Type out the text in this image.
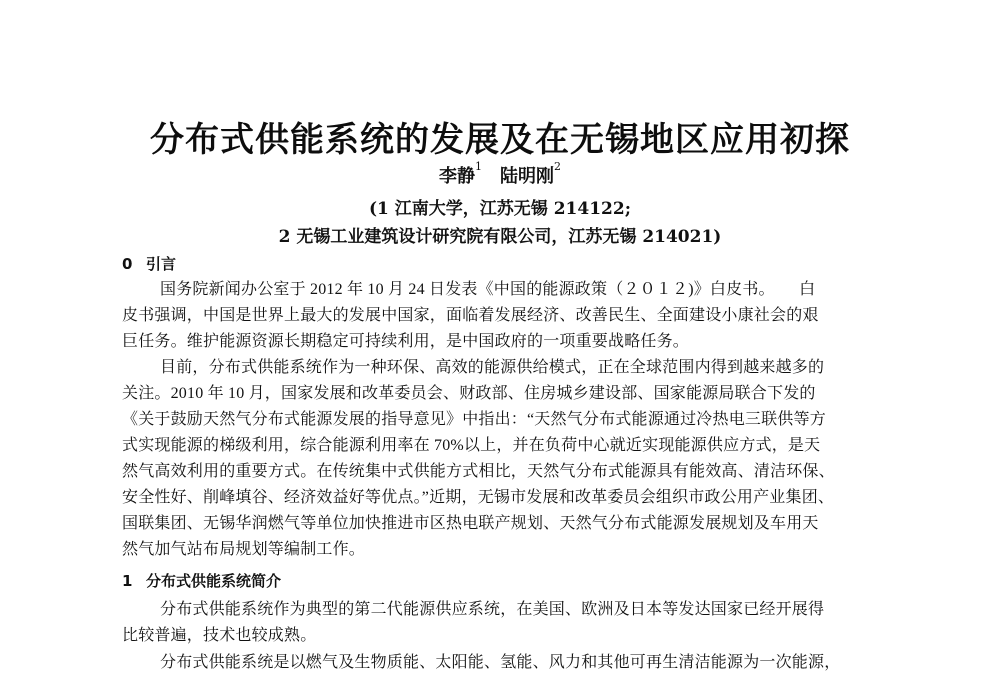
分布式供能系统的发展及在无锡地区应用初探
李静$^1$ 陆明刚$^2$
(1 江南大学，江苏无锡 214122;
2 无锡工业建筑设计研究院有限公司，江苏无锡 214021)
0 引言
国务院新闻办公室于 2012 年 10 月 24 日发表《中国的能源政策（２０１２)》白皮书。　　白
皮书强调，中国是世界上最大的发展中国家，面临着发展经济、改善民生、全面建设小康社会的艰
巨任务。维护能源资源长期稳定可持续利用，是中国政府的一项重要战略任务。
目前，分布式供能系统作为一种环保、高效的能源供给模式，正在全球范围内得到越来越多的
关注。2010 年 10 月，国家发展和改革委员会、财政部、住房城乡建设部、国家能源局联合下发的
《关于鼓励天然气分布式能源发展的指导意见》中指出：“天然气分布式能源通过冷热电三联供等方
式实现能源的梯级利用，综合能源利用率在 70%以上，并在负荷中心就近实现能源供应方式，是天
然气高效利用的重要方式。在传统集中式供能方式相比，天然气分布式能源具有能效高、清洁环保、
安全性好、削峰填谷、经济效益好等优点。”近期，无锡市发展和改革委员会组织市政公用产业集团、
国联集团、无锡华润燃气等单位加快推进市区热电联产规划、天然气分布式能源发展规划及车用天
然气加气站布局规划等编制工作。
1 分布式供能系统简介
分布式供能系统作为典型的第二代能源供应系统，在美国、欧洲及日本等发达国家已经开展得
比较普遍，技术也较成熟。
分布式供能系统是以燃气及生物质能、太阳能、氢能、风力和其他可再生清洁能源为一次能源，
